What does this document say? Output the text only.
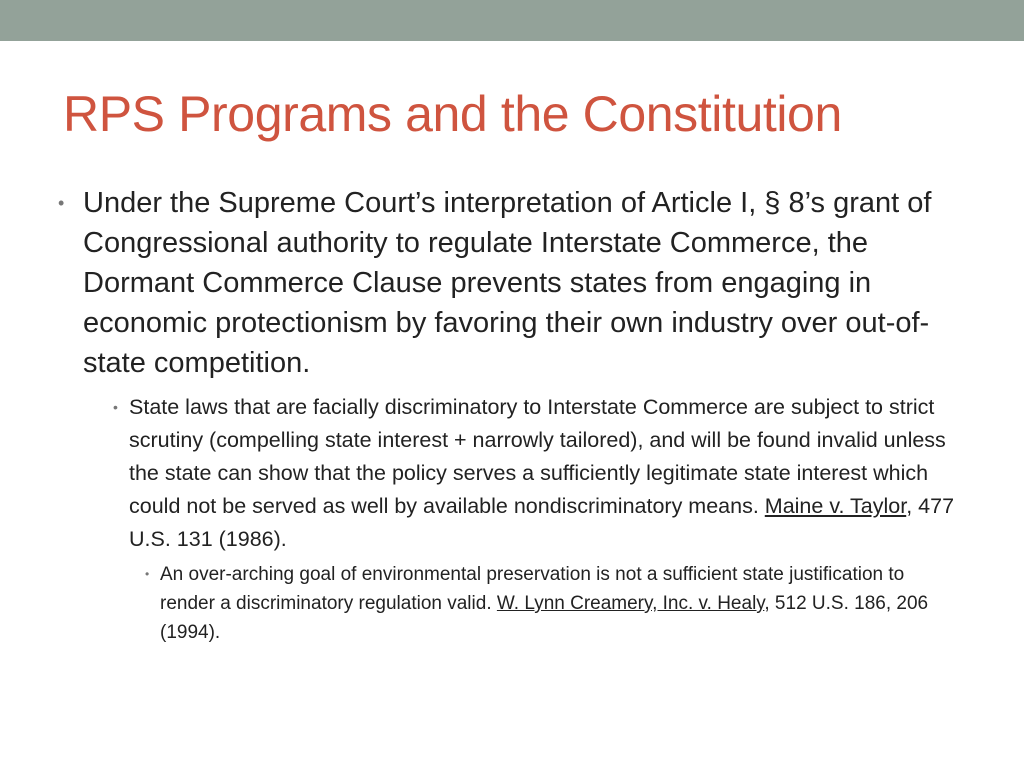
RPS Programs and the Constitution
• Under the Supreme Court’s interpretation of Article I, § 8’s grant of Congressional authority to regulate Interstate Commerce, the Dormant Commerce Clause prevents states from engaging in economic protectionism by favoring their own industry over out-of-state competition.
• State laws that are facially discriminatory to Interstate Commerce are subject to strict scrutiny (compelling state interest + narrowly tailored), and will be found invalid unless the state can show that the policy serves a sufficiently legitimate state interest which could not be served as well by available nondiscriminatory means. Maine v. Taylor, 477 U.S. 131 (1986).
• An over-arching goal of environmental preservation is not a sufficient state justification to render a discriminatory regulation valid. W. Lynn Creamery, Inc. v. Healy, 512 U.S. 186, 206 (1994).
